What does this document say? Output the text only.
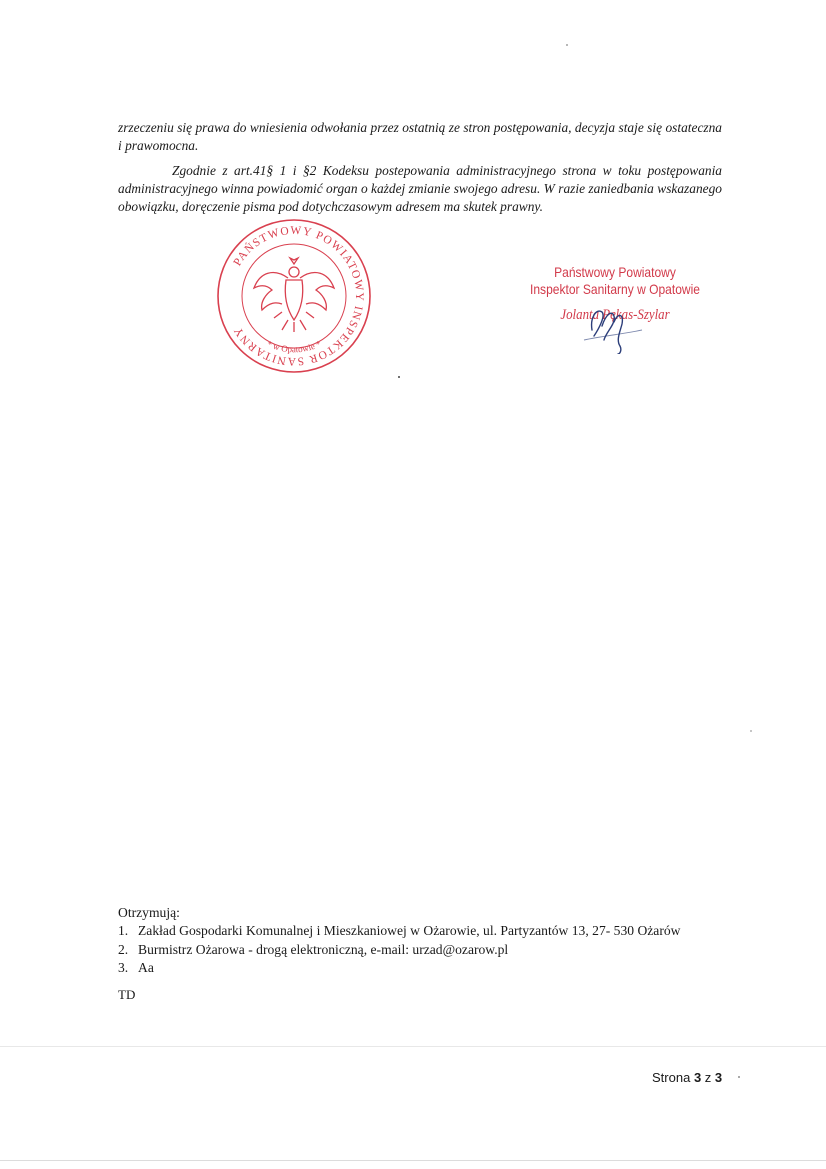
zrzeczeniu się prawa do wniesienia odwołania przez ostatnią ze stron postępowania, decyzja staje się ostateczna i prawomocna.

Zgodnie z art.41§ 1 i §2 Kodeksu postepowania administracyjnego strona w toku postępowania administracyjnego winna powiadomić organ o każdej zmianie swojego adresu. W razie zaniedbania wskazanego obowiązku, doręczenie pisma pod dotychczasowym adresem ma skutek prawny.

PAŃSTWOWY POWIATOWY INSPEKTOR SANITARNY
* w Opatowie *
Państwowy Powiatowy
Inspektor Sanitarny w Opatowie
Jolanta Pękas-Szylar
Otrzymują:
1. Zakład Gospodarki Komunalnej i Mieszkaniowej w Ożarowie, ul. Partyzantów 13, 27- 530 Ożarów
2. Burmistrz Ożarowa - drogą elektroniczną, e-mail: urzad@ozarow.pl
3. Aa
TD
Strona 3 z 3
